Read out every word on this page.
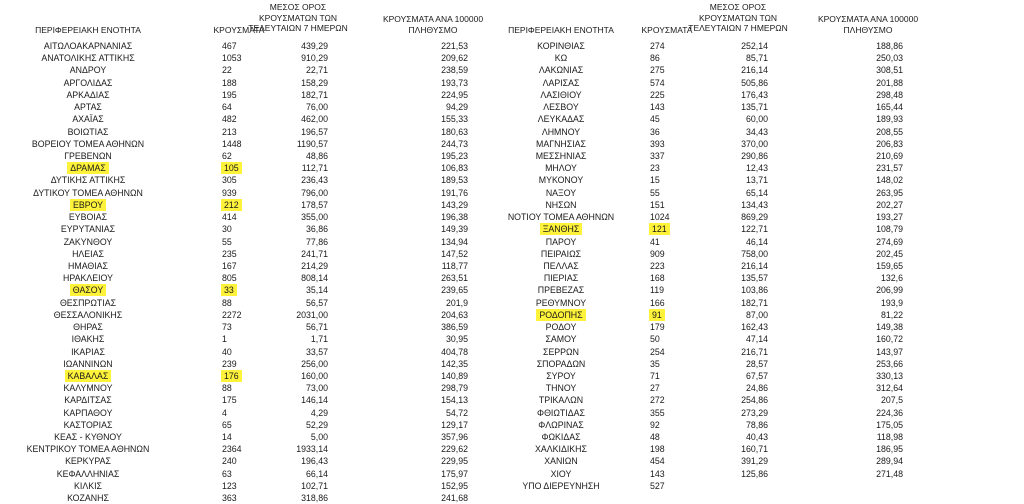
ΠΕΡΙΦΕΡΕΙΑΚΗ ΕΝΟΤΗΤΑ	ΚΡΟΥΣΜΑΤΑ
ΜΕΣΟΣ ΟΡΟΣ
ΚΡΟΥΣΜΑΤΩΝ ΤΩΝ
ΤΕΛΕΥΤΑΙΩΝ 7 ΗΜΕΡΩΝ
ΚΡΟΥΣΜΑΤΑ ΑΝΑ 100000
ΠΛΗΘΥΣΜΟ
ΑΙΤΩΛΟΑΚΑΡΝΑΝΙΑΣ	467	439,29	221,53
ΑΝΑΤΟΛΙΚΗΣ ΑΤΤΙΚΗΣ	1053	910,29	209,62
ΑΝΔΡΟΥ	22	22,71	238,59
ΑΡΓΟΛΙΔΑΣ	188	158,29	193,73
ΑΡΚΑΔΙΑΣ	195	182,71	224,95
ΑΡΤΑΣ	64	76,00	94,29
ΑΧΑΪΑΣ	482	462,00	155,33
ΒΟΙΩΤΙΑΣ	213	196,57	180,63
ΒΟΡΕΙΟΥ ΤΟΜΕΑ ΑΘΗΝΩΝ	1448	1190,57	244,73
ΓΡΕΒΕΝΩΝ	62	48,86	195,23
ΔΡΑΜΑΣ	105	112,71	106,83
ΔΥΤΙΚΗΣ ΑΤΤΙΚΗΣ	305	236,43	189,53
ΔΥΤΙΚΟΥ ΤΟΜΕΑ ΑΘΗΝΩΝ	939	796,00	191,76
ΕΒΡΟΥ	212	178,57	143,29
ΕΥΒΟΙΑΣ	414	355,00	196,38
ΕΥΡΥΤΑΝΙΑΣ	30	36,86	149,39
ΖΑΚΥΝΘΟΥ	55	77,86	134,94
ΗΛΕΙΑΣ	235	241,71	147,52
ΗΜΑΘΙΑΣ	167	214,29	118,77
ΗΡΑΚΛΕΙΟΥ	805	808,14	263,51
ΘΑΣΟΥ	33	35,14	239,65
ΘΕΣΠΡΩΤΙΑΣ	88	56,57	201,9
ΘΕΣΣΑΛΟΝΙΚΗΣ	2272	2031,00	204,63
ΘΗΡΑΣ	73	56,71	386,59
ΙΘΑΚΗΣ	1	1,71	30,95
ΙΚΑΡΙΑΣ	40	33,57	404,78
ΙΩΑΝΝΙΝΩΝ	239	256,00	142,35
ΚΑΒΑΛΑΣ	176	160,00	140,89
ΚΑΛΥΜΝΟΥ	88	73,00	298,79
ΚΑΡΔΙΤΣΑΣ	175	146,14	154,13
ΚΑΡΠΑΘΟΥ	4	4,29	54,72
ΚΑΣΤΟΡΙΑΣ	65	52,29	129,17
ΚΕΑΣ - ΚΥΘΝΟΥ	14	5,00	357,96
ΚΕΝΤΡΙΚΟΥ ΤΟΜΕΑ ΑΘΗΝΩΝ	2364	1933,14	229,62
ΚΕΡΚΥΡΑΣ	240	196,43	229,95
ΚΕΦΑΛΛΗΝΙΑΣ	63	66,14	175,97
ΚΙΛΚΙΣ	123	102,71	152,95
ΚΟΖΑΝΗΣ	363	318,86	241,68
ΠΕΡΙΦΕΡΕΙΑΚΗ ΕΝΟΤΗΤΑ	ΚΡΟΥΣΜΑΤΑ
ΜΕΣΟΣ ΟΡΟΣ
ΚΡΟΥΣΜΑΤΩΝ ΤΩΝ
ΤΕΛΕΥΤΑΙΩΝ 7 ΗΜΕΡΩΝ
ΚΡΟΥΣΜΑΤΑ ΑΝΑ 100000
ΠΛΗΘΥΣΜΟ
ΚΟΡΙΝΘΙΑΣ	274	252,14	188,86
ΚΩ	86	85,71	250,03
ΛΑΚΩΝΙΑΣ	275	216,14	308,51
ΛΑΡΙΣΑΣ	574	505,86	201,88
ΛΑΣΙΘΙΟΥ	225	176,43	298,48
ΛΕΣΒΟΥ	143	135,71	165,44
ΛΕΥΚΑΔΑΣ	45	60,00	189,93
ΛΗΜΝΟΥ	36	34,43	208,55
ΜΑΓΝΗΣΙΑΣ	393	370,00	206,83
ΜΕΣΣΗΝΙΑΣ	337	290,86	210,69
ΜΗΛΟΥ	23	12,43	231,57
ΜΥΚΟΝΟΥ	15	13,71	148,02
ΝΑΞΟΥ	55	65,14	263,95
ΝΗΣΩΝ	151	134,43	202,27
ΝΟΤΙΟΥ ΤΟΜΕΑ ΑΘΗΝΩΝ	1024	869,29	193,27
ΞΑΝΘΗΣ	121	122,71	108,79
ΠΑΡΟΥ	41	46,14	274,69
ΠΕΙΡΑΙΩΣ	909	758,00	202,45
ΠΕΛΛΑΣ	223	216,14	159,65
ΠΙΕΡΙΑΣ	168	135,57	132,6
ΠΡΕΒΕΖΑΣ	119	103,86	206,99
ΡΕΘΥΜΝΟΥ	166	182,71	193,9
ΡΟΔΟΠΗΣ	91	87,00	81,22
ΡΟΔΟΥ	179	162,43	149,38
ΣΑΜΟΥ	50	47,14	160,72
ΣΕΡΡΩΝ	254	216,71	143,97
ΣΠΟΡΑΔΩΝ	35	28,57	253,66
ΣΥΡΟΥ	71	67,57	330,13
ΤΗΝΟΥ	27	24,86	312,64
ΤΡΙΚΑΛΩΝ	272	254,86	207,5
ΦΘΙΩΤΙΔΑΣ	355	273,29	224,36
ΦΛΩΡΙΝΑΣ	92	78,86	175,05
ΦΩΚΙΔΑΣ	48	40,43	118,98
ΧΑΛΚΙΔΙΚΗΣ	198	160,71	186,95
ΧΑΝΙΩΝ	454	391,29	289,94
ΧΙΟΥ	143	125,86	271,48
ΥΠΟ ΔΙΕΡΕΥΝΗΣΗ	527
